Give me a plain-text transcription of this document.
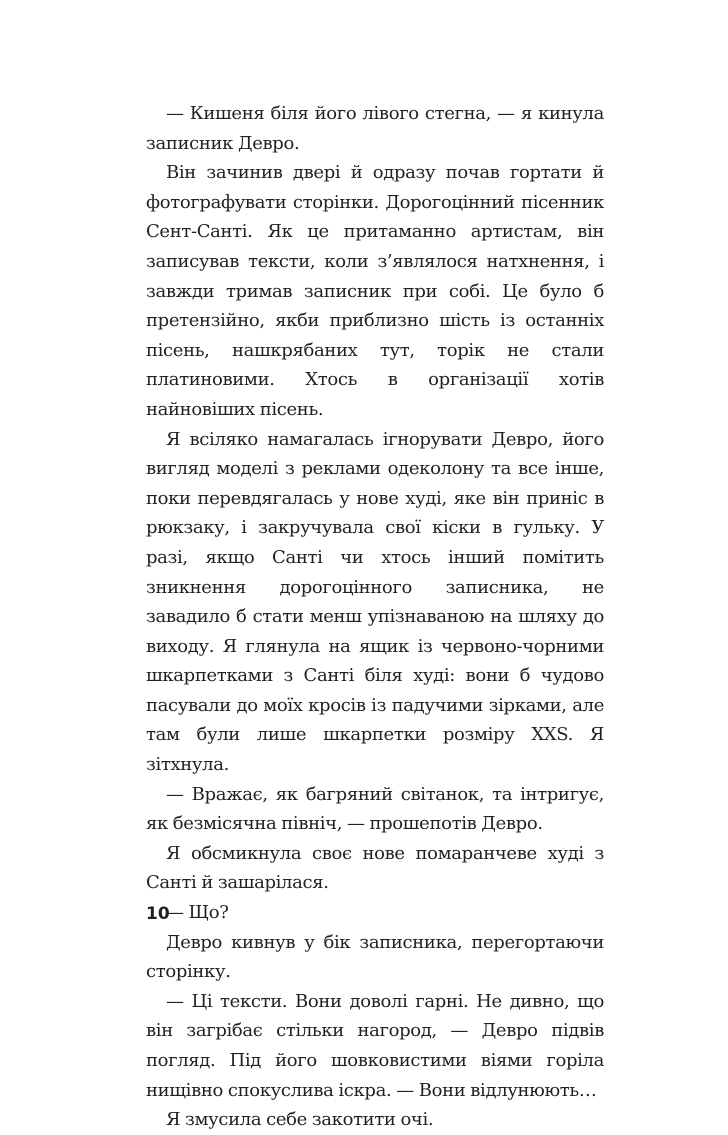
— Кишеня біля його лівого стегна, — я кинула записник Девро.

Він зачинив двері й одразу почав гортати й фотографувати сторінки. Дорогоцінний пісенник Сент-Санті. Як це притаманно артистам, він записував тексти, коли з’являлося натхнення, і завжди тримав записник при собі. Це було б претензійно, якби приблизно шість із останніх пісень, нашкрябаних тут, торік не стали платиновими. Хтось в організації хотів найновіших пісень.

Я всіляко намагалась ігнорувати Девро, його вигляд моделі з реклами одеколону та все інше, поки перевдягалась у нове худі, яке він приніс в рюкзаку, і закручувала свої кіски в гульку. У разі, якщо Санті чи хтось інший помітить зникнення дорогоцінного записника, не завадило б стати менш упізнаваною на шляху до виходу. Я глянула на ящик із червоно-чорними шкарпетками з Санті біля худі: вони б чудово пасували до моїх кросів із падучими зірками, але там були лише шкарпетки розміру XXS. Я зітхнула.

— Вражає, як багряний світанок, та інтригує, як безмісячна північ, — прошепотів Девро.

Я обсмикнула своє нове помаранчеве худі з Санті й зашарілася.

— Що?

Девро кивнув у бік записника, перегортаючи сторінку.

— Ці тексти. Вони доволі гарні. Не дивно, що він загрібає стільки нагород, — Девро підвів погляд. Під його шовковистими віями горіла нищівно спокуслива іскра. — Вони відлунюють…

Я змусила себе закотити очі.

10
